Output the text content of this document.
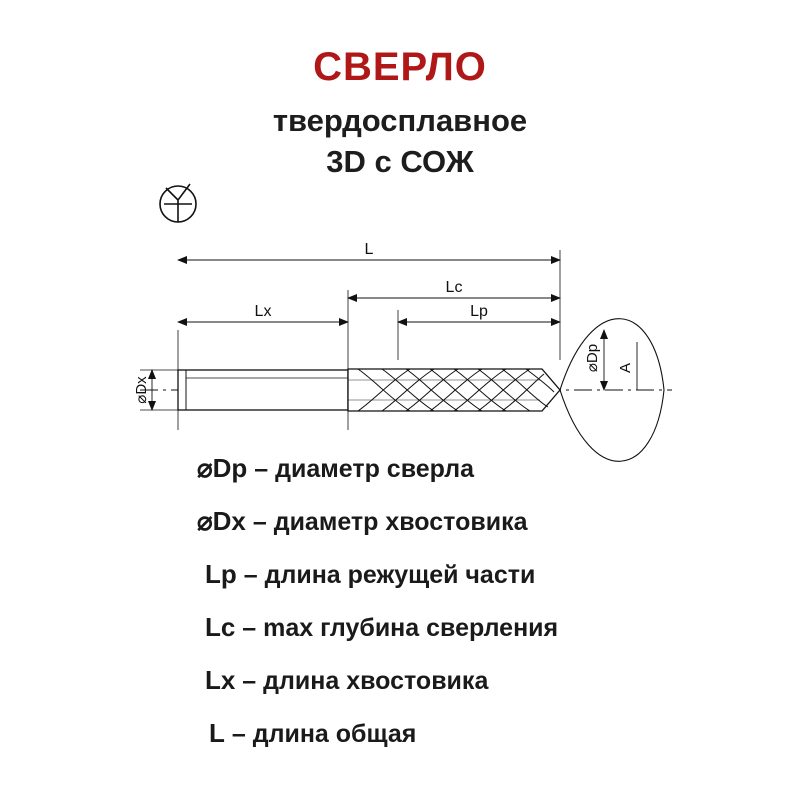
СВЕРЛО
твердосплавное
3D с СОЖ
L
Lc
Lx	Lp
⌀Dx
⌀Dp A
⌀Dp – диаметр сверла
⌀Dx – диаметр хвостовика
Lp – длина режущей части
Lc – max глубина сверления
Lx – длина хвостовика
L – длина общая
